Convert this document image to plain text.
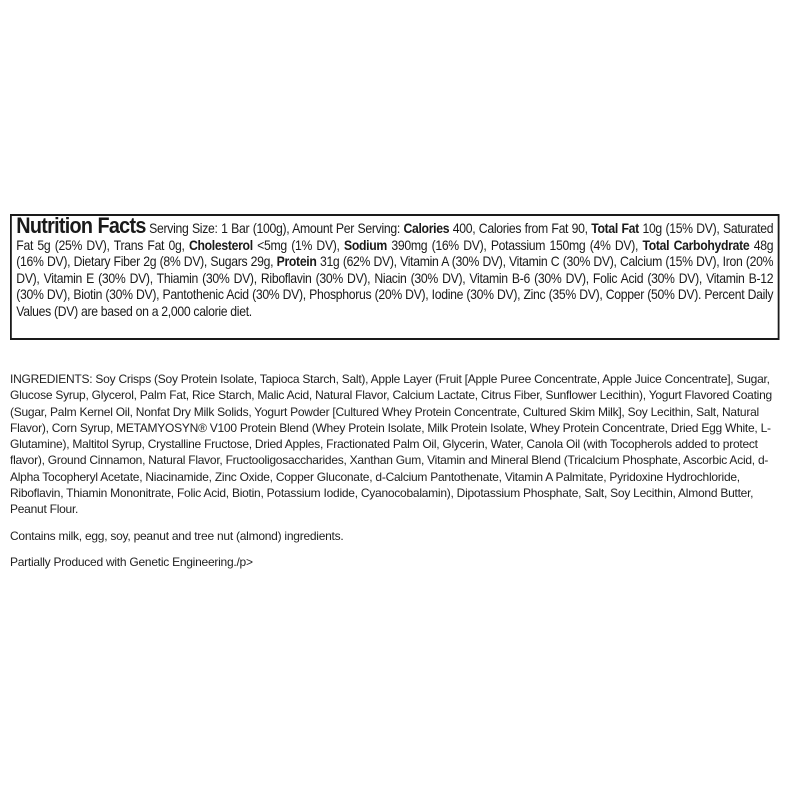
Nutrition Facts Serving Size: 1 Bar (100g), Amount Per Serving: Calories 400, Calories from Fat 90, Total Fat 10g (15% DV), Saturated Fat 5g (25% DV), Trans Fat 0g, Cholesterol <5mg (1% DV), Sodium 390mg (16% DV), Potassium 150mg (4% DV), Total Carbohydrate 48g (16% DV), Dietary Fiber 2g (8% DV), Sugars 29g, Protein 31g (62% DV), Vitamin A (30% DV), Vitamin C (30% DV), Calcium (15% DV), Iron (20% DV), Vitamin E (30% DV), Thiamin (30% DV), Riboflavin (30% DV), Niacin (30% DV), Vitamin B-6 (30% DV), Folic Acid (30% DV), Vitamin B-12 (30% DV), Biotin (30% DV), Pantothenic Acid (30% DV), Phosphorus (20% DV), Iodine (30% DV), Zinc (35% DV), Copper (50% DV). Percent Daily Values (DV) are based on a 2,000 calorie diet.

INGREDIENTS: Soy Crisps (Soy Protein Isolate, Tapioca Starch, Salt), Apple Layer (Fruit [Apple Puree Concentrate, Apple Juice Concentrate], Sugar, Glucose Syrup, Glycerol, Palm Fat, Rice Starch, Malic Acid, Natural Flavor, Calcium Lactate, Citrus Fiber, Sunflower Lecithin), Yogurt Flavored Coating (Sugar, Palm Kernel Oil, Nonfat Dry Milk Solids, Yogurt Powder [Cultured Whey Protein Concentrate, Cultured Skim Milk], Soy Lecithin, Salt, Natural Flavor), Corn Syrup, METAMYOSYN® V100 Protein Blend (Whey Protein Isolate, Milk Protein Isolate, Whey Protein Concentrate, Dried Egg White, L-Glutamine), Maltitol Syrup, Crystalline Fructose, Dried Apples, Fractionated Palm Oil, Glycerin, Water, Canola Oil (with Tocopherols added to protect flavor), Ground Cinnamon, Natural Flavor, Fructooligosaccharides, Xanthan Gum, Vitamin and Mineral Blend (Tricalcium Phosphate, Ascorbic Acid, d-Alpha Tocopheryl Acetate, Niacinamide, Zinc Oxide, Copper Gluconate, d-Calcium Pantothenate, Vitamin A Palmitate, Pyridoxine Hydrochloride, Riboflavin, Thiamin Mononitrate, Folic Acid, Biotin, Potassium Iodide, Cyanocobalamin), Dipotassium Phosphate, Salt, Soy Lecithin, Almond Butter, Peanut Flour.

Contains milk, egg, soy, peanut and tree nut (almond) ingredients.

Partially Produced with Genetic Engineering./p>
